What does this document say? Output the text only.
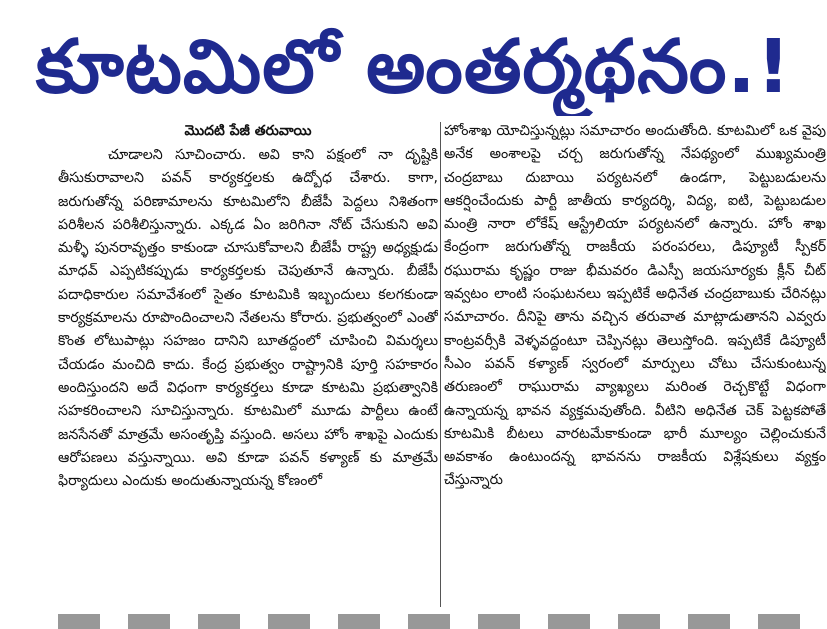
కూటమిలో అంతర్మథనం.!
మొదటి పేజీ తరువాయి

చూడాలని సూచించారు. అవి కాని పక్షంలో నా దృష్టికి తీసుకురావాలని పవన్ కార్యకర్తలకు ఉద్బోధ చేశారు. కాగా, జరుగుతోన్న పరిణామాలను కూటమిలోని బీజేపీ పెద్దలు నిశితంగా పరిశీలన పరిశీలిస్తున్నారు. ఎక్కడ ఏం జరిగినా నోట్ చేసుకుని అవి మళ్ళీ పునరావృత్తం కాకుండా చూసుకోవాలని బీజేపీ రాష్ట్ర అధ్యక్షుడు మాధవ్ ఎప్పటికప్పుడు కార్యకర్తలకు చెపుతూనే ఉన్నారు. బీజేపీ పదాధికారుల సమావేశంలో సైతం కూటమికి ఇబ్బందులు కలగకుండా కార్యక్రమాలను రూపొందించాలని నేతలను కోరారు. ప్రభుత్వంలో ఎంతో కొంత లోటుపాట్లు సహజం దానిని బూతద్దంలో చూపించి విమర్శలు చేయడం మంచిది కాదు. కేంద్ర ప్రభుత్వం రాష్ట్రానికి పూర్తి సహకారం అందిస్తుందని అదే విధంగా కార్యకర్తలు కూడా కూటమి ప్రభుత్వానికి సహకరించాలని సూచిస్తున్నారు. కూటమిలో మూడు పార్టీలు ఉంటే జనసేనతో మాత్రమే అసంతృప్తి వస్తుంది. అసలు హోం శాఖపై ఎందుకు ఆరోపణలు వస్తున్నాయి. అవి కూడా పవన్ కళ్యాణ్ కు మాత్రమే ఫిర్యాదులు ఎందుకు అందుతున్నాయన్న కోణంలో

హోంశాఖ యోచిస్తున్నట్లు సమాచారం అందుతోంది. కూటమిలో ఒక వైపు అనేక అంశాలపై చర్చ జరుగుతోన్న నేపథ్యంలో ముఖ్యమంత్రి చంద్రబాబు దుబాయి పర్యటనలో ఉండగా, పెట్టుబడులను ఆకర్షించేందుకు పార్టీ జాతీయ కార్యదర్శి, విద్య, ఐటి, పెట్టుబడుల మంత్రి నారా లోకేష్ ఆస్ట్రేలియా పర్యటనలో ఉన్నారు. హోం శాఖ కేంద్రంగా జరుగుతోన్న రాజకీయ పరంపరలు, డిప్యూటీ స్పీకర్ రఘురామ కృష్ణం రాజు భీమవరం డిఎస్పీ జయసూర్యకు క్లీన్ చీట్ ఇవ్వటం లాంటి సంఘటనలు ఇప్పటికే అధినేత చంద్రబాబుకు చేరినట్లు సమాచారం. దీనిపై తాను వచ్చిన తరువాత మాట్లాడుతానని ఎవ్వరు కాంట్రవర్సీకి వెళ్ళవద్దంటూ చెప్పినట్లు తెలుస్తోంది. ఇప్పటికే డిప్యూటీ సీఎం పవన్ కళ్యాణ్ స్వరంలో మార్పులు చోటు చేసుకుంటున్న తరుణంలో రాఘురామ వ్యాఖ్యలు మరింత రెచ్చకొట్టే విధంగా ఉన్నాయన్న భావన వ్యక్తమవుతోంది. వీటిని అధినేత చెక్ పెట్టకపోతే కూటమికి బీటలు వారటమేకాకుండా భారీ మూల్యం చెల్లించుకునే అవకాశం ఉంటుందన్న భావనను రాజకీయ విశ్లేషకులు వ్యక్తం చేస్తున్నారు
